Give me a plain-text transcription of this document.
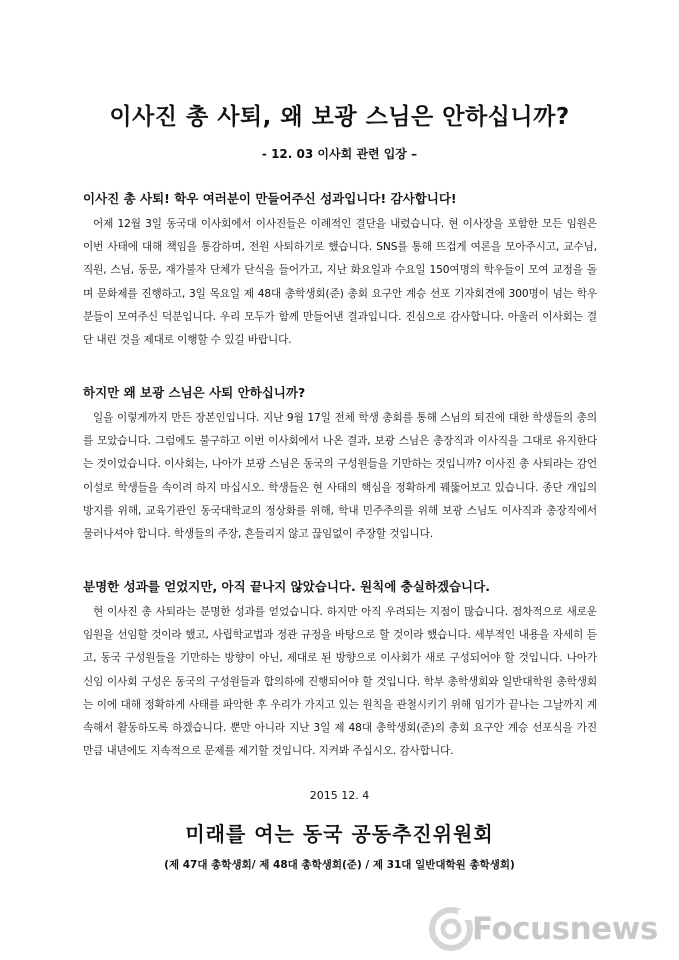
이사진 총 사퇴, 왜 보광 스님은 안하십니까?
- 12. 03 이사회 관련 입장 –
이사진 총 사퇴! 학우 여러분이 만들어주신 성과입니다! 감사합니다!

어제 12월 3일 동국대 이사회에서 이사진들은 이례적인 결단을 내렸습니다. 현 이사장을 포함한 모든 임원은 이번 사태에 대해 책임을 통감하며, 전원 사퇴하기로 했습니다. SNS를 통해 뜨겁게 여론을 모아주시고, 교수님, 직원, 스님, 동문, 재가불자 단체가 단식을 들어가고, 지난 화요일과 수요일 150여명의 학우들이 모여 교정을 돌며 문화제를 진행하고, 3일 목요일 제 48대 총학생회(준) 총회 요구안 계승 선포 기자회견에 300명이 넘는 학우 분들이 모여주신 덕분입니다. 우리 모두가 함께 만들어낸 결과입니다. 진심으로 감사합니다. 아울러 이사회는 결단 내린 것을 제대로 이행할 수 있길 바랍니다.

하지만 왜 보광 스님은 사퇴 안하십니까?

일을 이렇게까지 만든 장본인입니다. 지난 9월 17일 전체 학생 총회를 통해 스님의 퇴진에 대한 학생들의 총의를 모았습니다. 그럼에도 불구하고 이번 이사회에서 나온 결과, 보광 스님은 총장직과 이사직을 그대로 유지한다는 것이었습니다. 이사회는, 나아가 보광 스님은 동국의 구성원들을 기만하는 것입니까? 이사진 총 사퇴라는 감언이설로 학생들을 속이려 하지 마십시오. 학생들은 현 사태의 핵심을 정확하게 꿰뚫어보고 있습니다. 종단 개입의 방지를 위해, 교육기관인 동국대학교의 정상화를 위해, 학내 민주주의를 위해 보광 스님도 이사직과 총장직에서 물러나셔야 합니다. 학생들의 주장, 흔들리지 않고 끊임없이 주장할 것입니다.

분명한 성과를 얻었지만, 아직 끝나지 않았습니다. 원칙에 충실하겠습니다.

현 이사진 총 사퇴라는 분명한 성과를 얻었습니다. 하지만 아직 우려되는 지점이 많습니다. 점차적으로 새로운 임원을 선임할 것이라 했고, 사립학교법과 정관 규정을 바탕으로 할 것이라 했습니다. 세부적인 내용을 자세히 듣고, 동국 구성원들을 기만하는 방향이 아닌, 제대로 된 방향으로 이사회가 새로 구성되어야 할 것입니다. 나아가 신임 이사회 구성은 동국의 구성원들과 합의하에 진행되어야 할 것입니다. 학부 총학생회와 일반대학원 총학생회는 이에 대해 정확하게 사태를 파악한 후 우리가 가지고 있는 원칙을 관철시키기 위해 임기가 끝나는 그날까지 계속해서 활동하도록 하겠습니다. 뿐만 아니라 지난 3일 제 48대 총학생회(준)의 총회 요구안 계승 선포식을 가진 만큼 내년에도 지속적으로 문제를 제기할 것입니다. 지켜봐 주십시오. 감사합니다.

2015 12. 4
미래를 여는 동국 공동추진위원회
(제 47대 총학생회/ 제 48대 총학생회(준) / 제 31대 일반대학원 총학생회)
Focusnews
